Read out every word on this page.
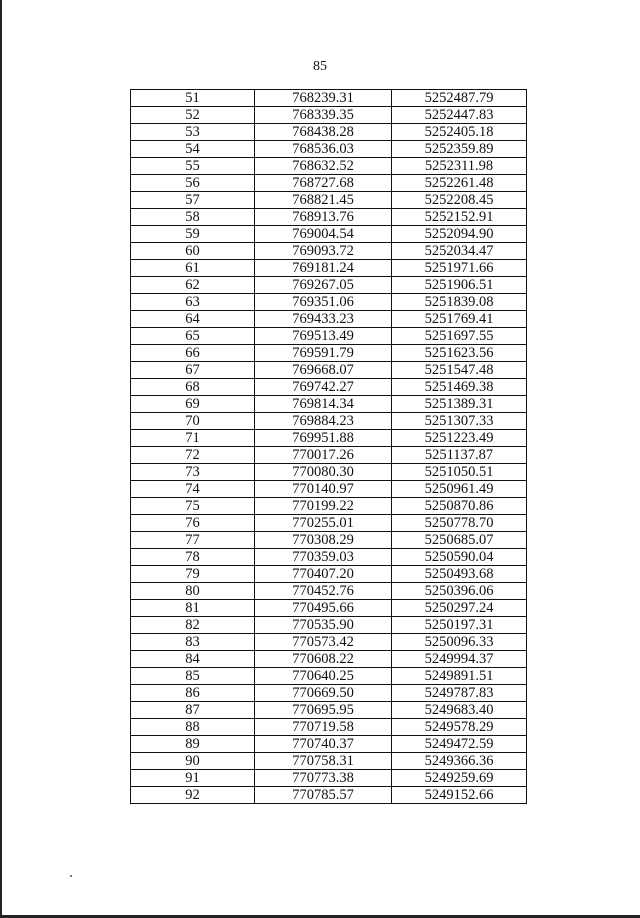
85
51	768239.31	5252487.79
52	768339.35	5252447.83
53	768438.28	5252405.18
54	768536.03	5252359.89
55	768632.52	5252311.98
56	768727.68	5252261.48
57	768821.45	5252208.45
58	768913.76	5252152.91
59	769004.54	5252094.90
60	769093.72	5252034.47
61	769181.24	5251971.66
62	769267.05	5251906.51
63	769351.06	5251839.08
64	769433.23	5251769.41
65	769513.49	5251697.55
66	769591.79	5251623.56
67	769668.07	5251547.48
68	769742.27	5251469.38
69	769814.34	5251389.31
70	769884.23	5251307.33
71	769951.88	5251223.49
72	770017.26	5251137.87
73	770080.30	5251050.51
74	770140.97	5250961.49
75	770199.22	5250870.86
76	770255.01	5250778.70
77	770308.29	5250685.07
78	770359.03	5250590.04
79	770407.20	5250493.68
80	770452.76	5250396.06
81	770495.66	5250297.24
82	770535.90	5250197.31
83	770573.42	5250096.33
84	770608.22	5249994.37
85	770640.25	5249891.51
86	770669.50	5249787.83
87	770695.95	5249683.40
88	770719.58	5249578.29
89	770740.37	5249472.59
90	770758.31	5249366.36
91	770773.38	5249259.69
92	770785.57	5249152.66
